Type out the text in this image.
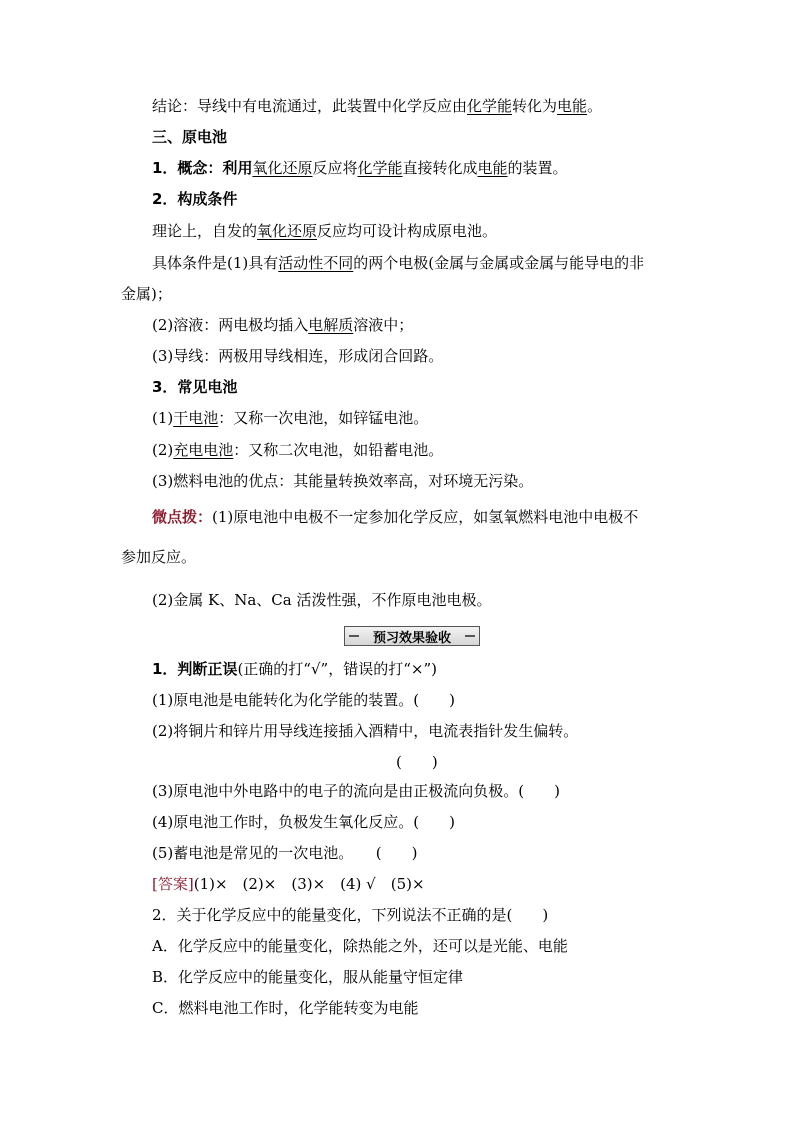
结论：导线中有电流通过，此装置中化学反应由化学能转化为电能。
三、原电池
1．概念：利用氧化还原反应将化学能直接转化成电能的装置。
2．构成条件
理论上，自发的氧化还原反应均可设计构成原电池。
具体条件是(1)具有活动性不同的两个电极(金属与金属或金属与能导电的非
金属)；
(2)溶液：两电极均插入电解质溶液中；
(3)导线：两极用导线相连，形成闭合回路。
3．常见电池
(1)干电池：又称一次电池，如锌锰电池。
(2)充电电池：又称二次电池，如铅蓄电池。
(3)燃料电池的优点：其能量转换效率高，对环境无污染。
微点拨：(1)原电池中电极不一定参加化学反应，如氢氧燃料电池中电极不
参加反应。
(2)金属 K、Na、Ca 活泼性强，不作原电池电极。
预习效果验收
1．判断正误(正确的打“√”，错误的打“×”)
(1)原电池是电能转化为化学能的装置。(　　)
(2)将铜片和锌片用导线连接插入酒精中，电流表指针发生偏转。
(　　)
(3)原电池中外电路中的电子的流向是由正极流向负极。(　　)
(4)原电池工作时，负极发生氧化反应。(　　)
(5)蓄电池是常见的一次电池。　　(　　)
[答案](1)×　(2)×　(3)×　(4) √　(5)×
2．关于化学反应中的能量变化，下列说法不正确的是(　　)
A．化学反应中的能量变化，除热能之外，还可以是光能、电能
B．化学反应中的能量变化，服从能量守恒定律
C．燃料电池工作时，化学能转变为电能
